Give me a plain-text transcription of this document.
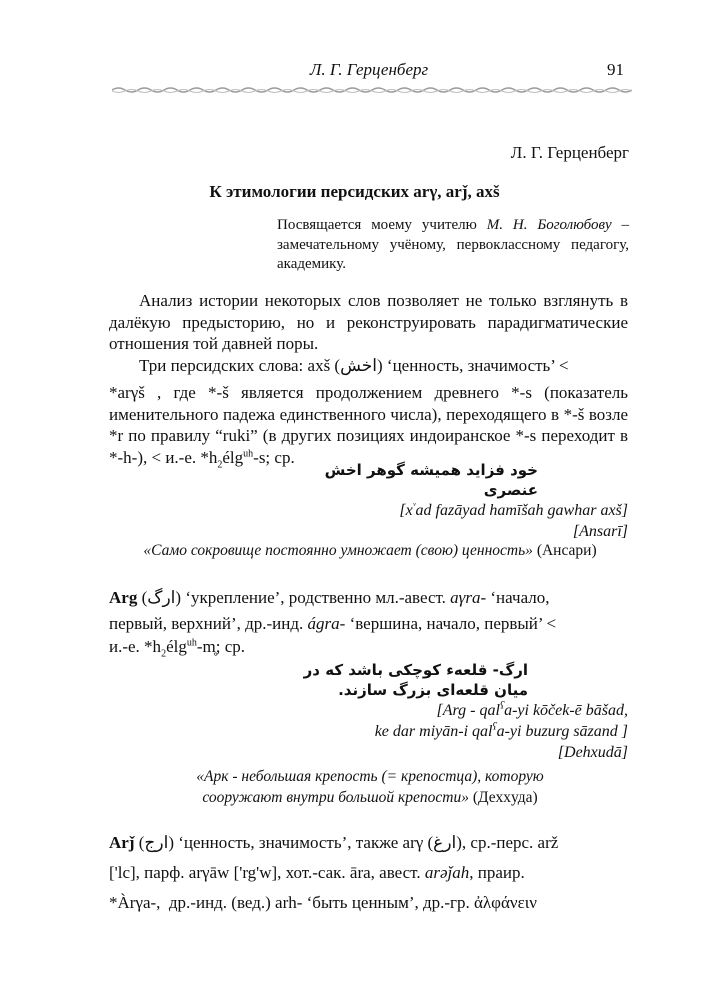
Л. Г. Герценберг	91
Л. Г. Герценберг
К этимологии персидских arγ, arǰ, axš

Посвящается моему учителю М. Н. Боголюбову – замечательному учёному, первоклассному педагогу, академику.

Анализ истории некоторых слов позволяет не только взглянуть в далёкую предысторию, но и реконструировать парадигматические отношения той давней поры.

Три персидских слова: axš (اخش) ‘ценность, значимость’ <

*arγš , где *-š является продолжением древнего *-s (показатель именительного падежа единственного числа), переходящего в *-š возле *r по правилу “ruki” (в других позициях индоиранское *-s переходит в *-h-), < и.-е. $*h_2é\lg^{uh}-s$; ср.

خود فزاید همیشه گوهر اخش
عنصری
[$x^ᵛad$ fazāyad hamīšah gawhar axš]
[Ansarī]
«Само сокровище постоянно умножает (свою) ценность» (Ансари)

Arg (ارگ) ‘укрепление’, родственно мл.-авест. aγra- ‘начало,

первый, верхний’, др.-инд. ágra- ‘вершина, начало, первый’ <

и.-е. $*h_2é\lg^{uh}-m̥$; ср.

ارگ- قلعهء کوچکی باشد که در
میان قلعه‌ای بزرگ سازند.
[Arg - qal$^ʕ$a-yi kōček-ē bāšad,
ke dar miyān-i qal$^ʕ$a-yi buzurg sāzand ]
[Dehxudā]
«Арк - небольшая крепость (= крепостца), которую
сооружают внутри большой крепости» (Дехxуда)

Arǰ (ارج) ‘ценность, значимость’, также arγ (ارغ), ср.-перс. arž

['lc], парф. arγāw ['rg'w], хот.-сак. āra, авест. arǝǰah, праир.

*Àrγa-,  др.-инд. (вед.) arh- ‘быть ценным’, др.-гр. ἀλφάνειν
